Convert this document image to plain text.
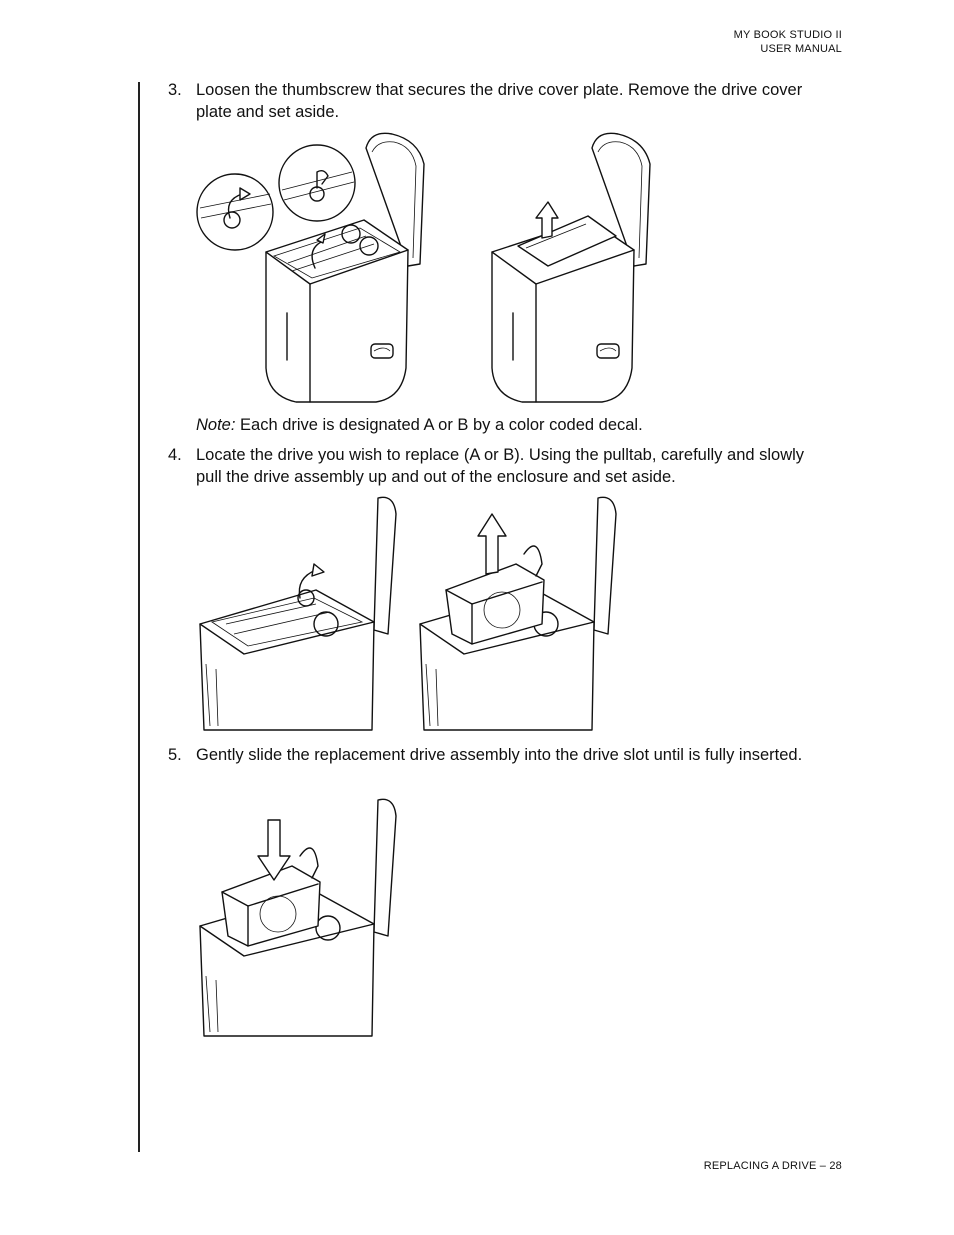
MY BOOK STUDIO II
USER MANUAL
3. Loosen the thumbscrew that secures the drive cover plate. Remove the drive cover plate and set aside.
Note: Each drive is designated A or B by a color coded decal.
4. Locate the drive you wish to replace (A or B). Using the pulltab, carefully and slowly pull the drive assembly up and out of the enclosure and set aside.
5. Gently slide the replacement drive assembly into the drive slot until is fully inserted.
REPLACING A DRIVE – 28
